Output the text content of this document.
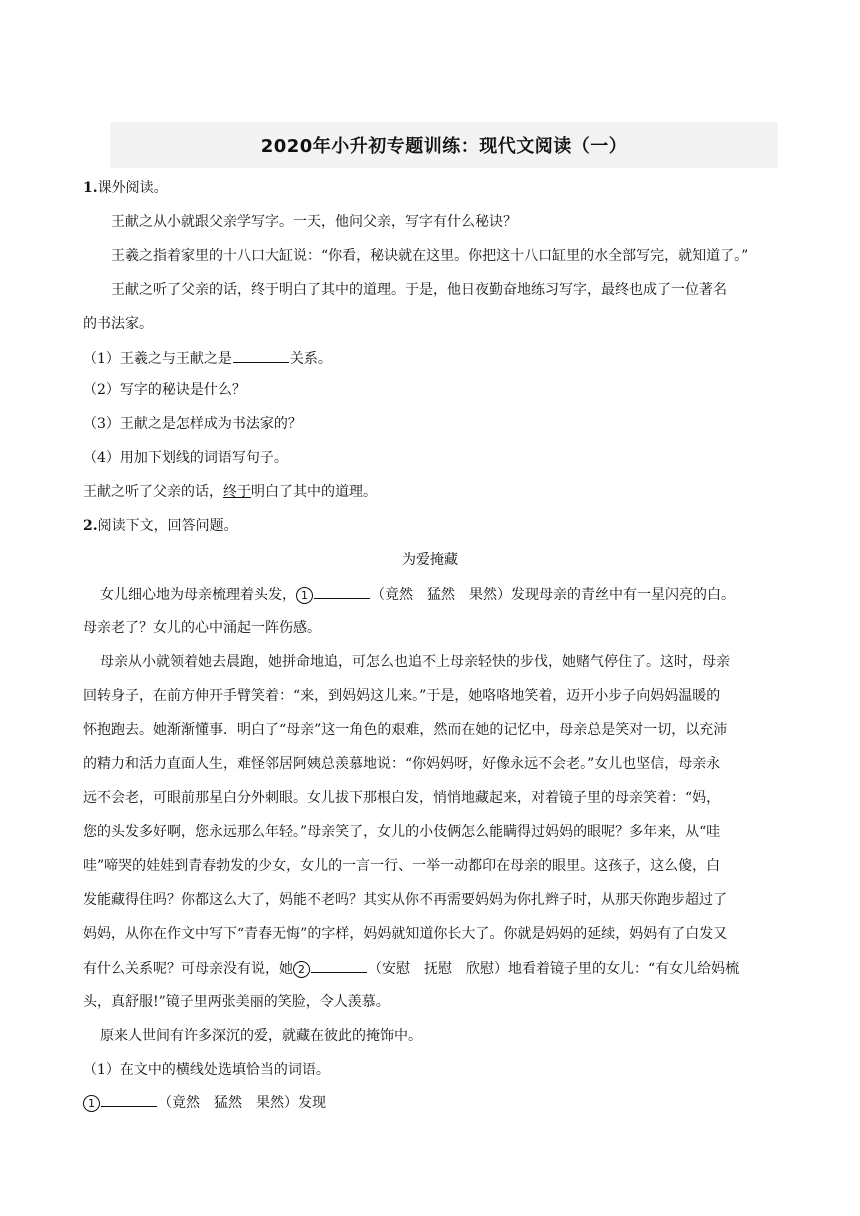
2020年小升初专题训练：现代文阅读（一）
1.课外阅读。
王献之从小就跟父亲学写字。一天，他问父亲，写字有什么秘诀？
王羲之指着家里的十八口大缸说：“你看，秘诀就在这里。你把这十八口缸里的水全部写完，就知道了。”
王献之听了父亲的话，终于明白了其中的道理。于是，他日夜勤奋地练习写字，最终也成了一位著名
的书法家。
（1）王羲之与王献之是	关系。
（2）写字的秘诀是什么？
（3）王献之是怎样成为书法家的？
（4）用加下划线的词语写句子。
王献之听了父亲的话，终于明白了其中的道理。
2.阅读下文，回答问题。
为爱掩藏
女儿细心地为母亲梳理着头发， 1	（竟然　猛然　果然）发现母亲的青丝中有一星闪亮的白。
母亲老了？女儿的心中涌起一阵伤感。
母亲从小就领着她去晨跑，她拼命地追，可怎么也追不上母亲轻快的步伐，她赌气停住了。这时，母亲
回转身子，在前方伸开手臂笑着：“来，到妈妈这儿来。”于是，她咯咯地笑着，迈开小步子向妈妈温暖的
怀抱跑去。她渐渐懂事．明白了“母亲”这一角色的艰难，然而在她的记忆中，母亲总是笑对一切，以充沛
的精力和活力直面人生，难怪邻居阿姨总羡慕地说：“你妈妈呀，好像永远不会老。”女儿也坚信，母亲永
远不会老，可眼前那星白分外刺眼。女儿拔下那根白发，悄悄地藏起来，对着镜子里的母亲笑着：“妈，
您的头发多好啊，您永远那么年轻。”母亲笑了，女儿的小伎俩怎么能瞒得过妈妈的眼呢？多年来，从“哇
哇”啼哭的娃娃到青春勃发的少女，女儿的一言一行、一举一动都印在母亲的眼里。这孩子，这么傻，白
发能藏得住吗？你都这么大了，妈能不老吗？其实从你不再需要妈妈为你扎辫子时，从那天你跑步超过了
妈妈，从你在作文中写下“青春无悔”的字样，妈妈就知道你长大了。你就是妈妈的延续，妈妈有了白发又
有什么关系呢？可母亲没有说，她 2	（安慰　抚慰　欣慰）地看着镜子里的女儿：“有女儿给妈梳
头，真舒服!”镜子里两张美丽的笑脸，令人羡慕。
原来人世间有许多深沉的爱，就藏在彼此的掩饰中。
（1）在文中的横线处选填恰当的词语。
1	（竟然　猛然　果然）发现
